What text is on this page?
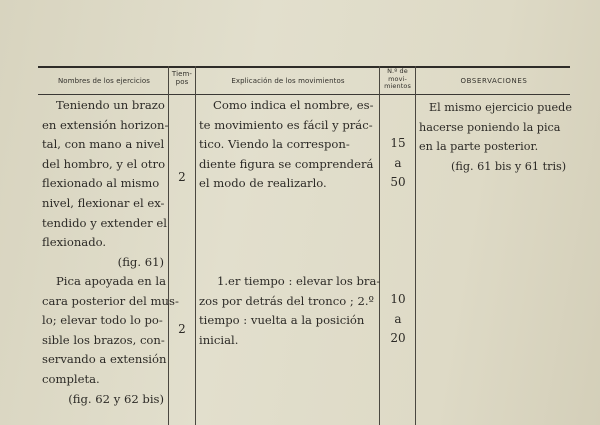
Nombres de los ejercicios
Tiem-
pos	Explicación de los movimientos
N.º de
movi-
mientos
OBSERVACIONES
Teniendo un brazo
en extensión horizon-
tal, con mano a nivel
del hombro, y el otro
flexionado al mismo
nivel, flexionar el ex-
tendido y extender el
flexionado.
(fig. 61)
2
Como indica el nombre, es-
te movimiento es fácil y prác-
tico. Viendo la correspon-
diente figura se comprenderá
el modo de realizarlo.
15
a
50
El mismo ejercicio puede
hacerse poniendo la pica
en la parte posterior.
(fig. 61 bis y 61 tris)
Pica apoyada en la
cara posterior del mus-
lo; elevar todo lo po-
sible los brazos, con-
servando a extensión
completa.
(fig. 62 y 62 bis)
2
1.er tiempo : elevar los bra-
zos por detrás del tronco ; 2.º
tiempo : vuelta a la posición
inicial.
10
a
20
